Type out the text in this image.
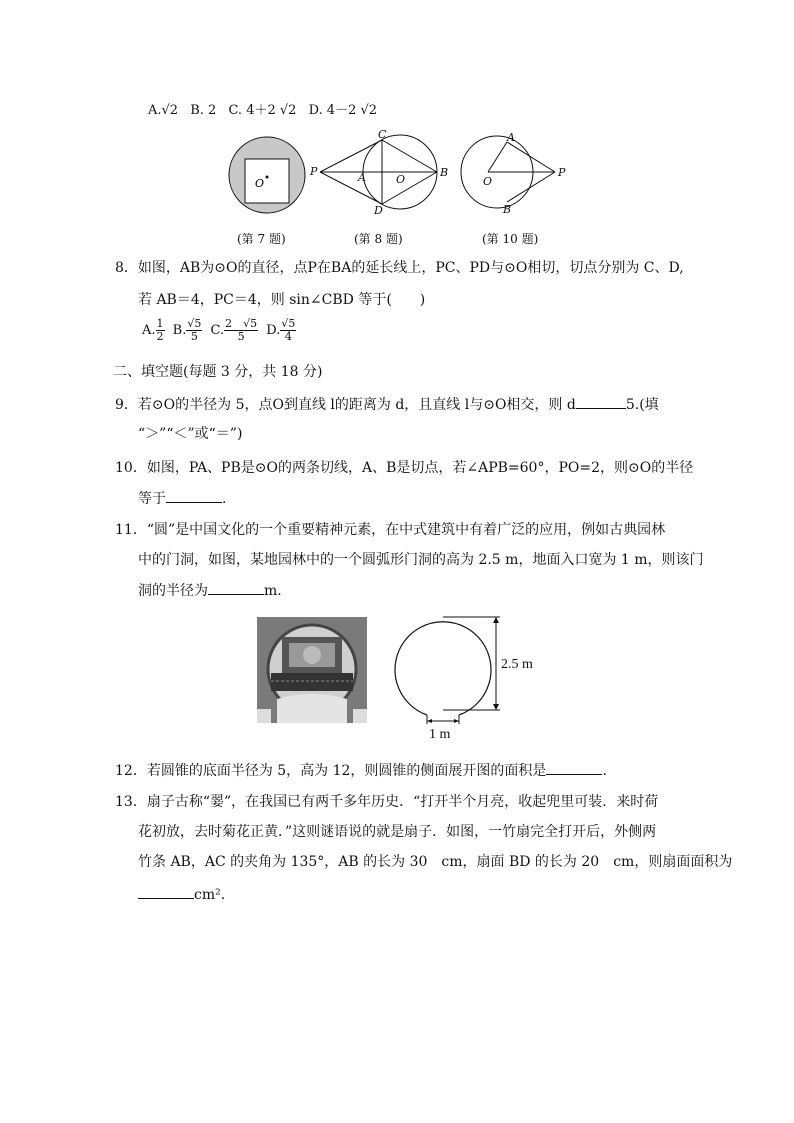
A.√2 B. 2 C. 4＋2 √2 D. 4－2 √2
O
P	A	O
B
C
D
O
A
B
P
(第 7 题)	(第 8 题)	(第 10 题)
8．如图，AB为⊙O的直径，点P在BA的延长线上，PC、PD与⊙O相切，切点分别为 C、D,
若 AB＝4，PC＝4，则 sin∠CBD 等于(　　)
A. $\frac{1}{2} B$. $\frac{√5}{5} C$. $\frac{2 √5}{5} D$. $\frac{√5}{4}$
二、填空题(每题 3 分，共 18 分)
9．若⊙O的半径为 5，点O到直线 l的距离为 d，且直线 l与⊙O相交，则 d	5.(填
“＞”“＜”或“＝”)
10．如图，PA、PB是⊙O的两条切线，A、B是切点，若∠APB=60°，PO=2，则⊙O的半径
等于	.
11．“圆”是中国文化的一个重要精神元素，在中式建筑中有着广泛的应用，例如古典园林
中的门洞，如图，某地园林中的一个圆弧形门洞的高为 2.5 m，地面入口宽为 1 m，则该门
洞的半径为	m.
2.5 m
1 m
12．若圆锥的底面半径为 5，高为 12，则圆锥的侧面展开图的面积是	.
13．扇子古称“翣”，在我国已有两千多年历史．“打开半个月亮，收起兜里可装．来时荷
花初放，去时菊花正黄．”这则谜语说的就是扇子．如图，一竹扇完全打开后，外侧两
竹条 AB，AC 的夹角为 135°，AB 的长为 30　cm，扇面 BD 的长为 20　cm，则扇面面积为
cm².
